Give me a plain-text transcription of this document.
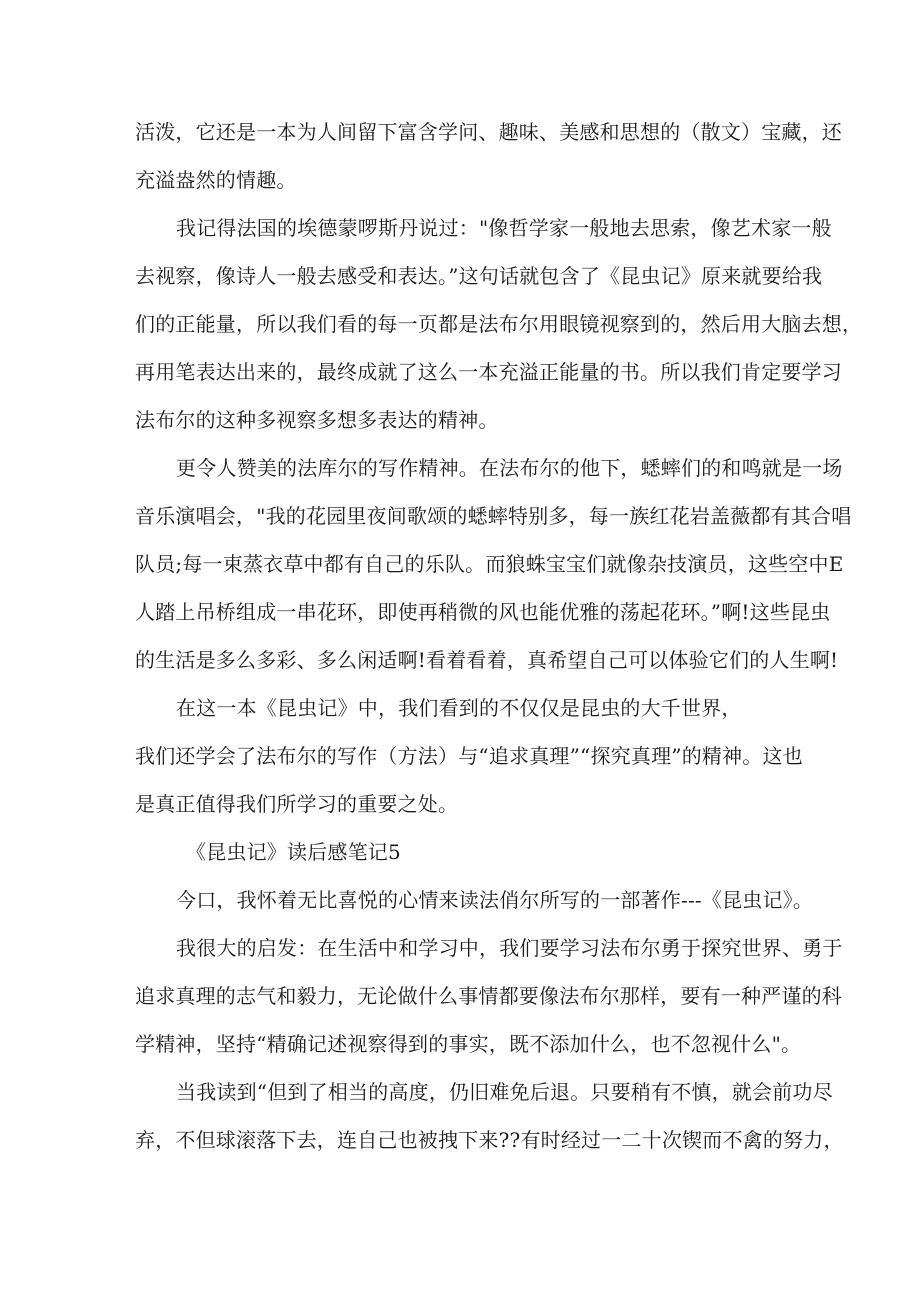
活泼，它还是一本为人间留下富含学问、趣味、美感和思想的（散文）宝藏，还
充溢盎然的情趣。
我记得法国的埃德蒙啰斯丹说过："像哲学家一般地去思索，像艺术家一般
去视察，像诗人一般去感受和表达。”这句话就包含了《昆虫记》原来就要给我
们的正能量，所以我们看的每一页都是法布尔用眼镜视察到的，然后用大脑去想，
再用笔表达出来的，最终成就了这么一本充溢正能量的书。所以我们肯定要学习
法布尔的这种多视察多想多表达的精神。
更令人赞美的法库尔的写作精神。在法布尔的他下，蟋蟀们的和鸣就是一场
音乐演唱会，"我的花园里夜间歌颂的蟋蟀特别多，每一族红花岩盖薇都有其合唱
队员;每一束蒸衣草中都有自己的乐队。而狼蛛宝宝们就像杂技演员，这些空中E
人踏上吊桥组成一串花环，即使再稍微的风也能优雅的荡起花环。”啊!这些昆虫
的生活是多么多彩、多么闲适啊!看着看着，真希望自己可以体验它们的人生啊!
在这一本《昆虫记》中，我们看到的不仅仅是昆虫的大千世界，
我们还学会了法布尔的写作（方法）与“追求真理”“探究真理”的精神。这也
是真正值得我们所学习的重要之处。
《昆虫记》读后感笔记5
今口，我怀着无比喜悦的心情来读法俏尔所写的一部著作---《昆虫记》。
我很大的启发：在生活中和学习中，我们要学习法布尔勇于探究世界、勇于
追求真理的志气和毅力，无论做什么事情都要像法布尔那样，要有一种严谨的科
学精神，坚持“精确记述视察得到的事实，既不添加什么，也不忽视什么"。
当我读到“但到了相当的高度，仍旧难免后退。只要稍有不慎，就会前功尽
弃，不但球滚落下去，连自己也被拽下来??有时经过一二十次锲而不禽的努力，
